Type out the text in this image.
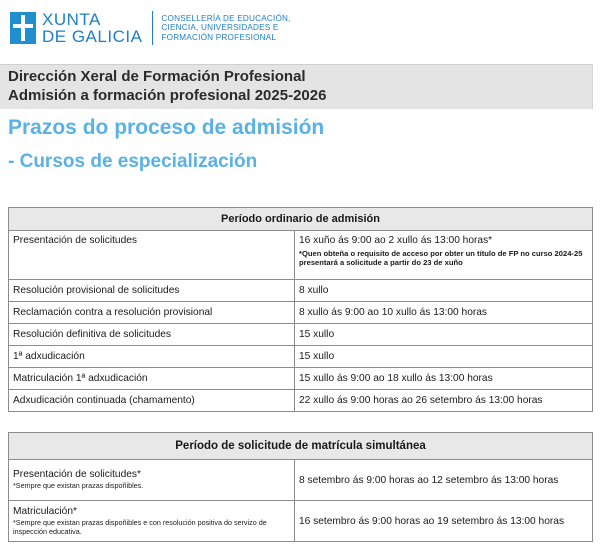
XUNTA
DE GALICIA
CONSELLERÍA DE EDUCACIÓN,
CIENCIA, UNIVERSIDADES E
FORMACIÓN PROFESIONAL
Dirección Xeral de Formación Profesional
Admisión a formación profesional 2025-2026
Prazos do proceso de admisión
- Cursos de especialización
Período ordinario de admisión	
Presentación de solicitudes	16 xuño ás 9:00 ao 2 xullo ás 13:00 horas*
*Quen obteña o requisito de acceso por obter un título de FP no curso 2024-25 presentará a solicitude a partir do 23 de xuño

Resolución provisional de solicitudes	8 xullo
Reclamación contra a resolución provisional	8 xullo ás 9:00 ao 10 xullo ás 13:00 horas
Resolución definitiva de solicitudes	15 xullo
1ª adxudicación	15 xullo
Matriculación 1ª adxudicación	15 xullo ás 9:00 ao 18 xullo ás 13:00 horas
Adxudicación continuada (chamamento)	22 xullo ás 9:00 horas ao 26 setembro ás 13:00 horas
Período de solicitude de matrícula simultánea	

Presentación de solicitudes*
*Sempre que existan prazas dispoñibles.	8 setembro ás 9:00 horas ao 12 setembro ás 13:00 horas

Matriculación*
*Sempre que existan prazas dispoñibles e con resolución positiva do servizo de inspección educativa.	16 setembro ás 9:00 horas ao 19 setembro ás 13:00 horas
